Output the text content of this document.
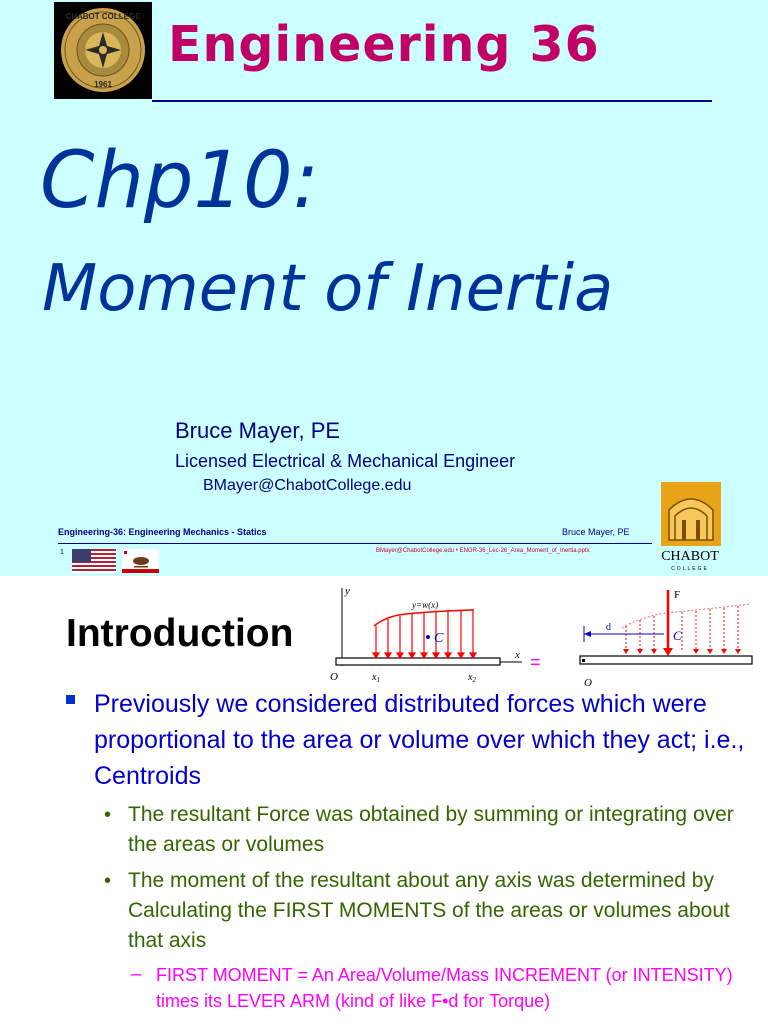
CHABOT COLLEGE
1961
Engineering 36
Chp10:
Moment of Inertia
Bruce Mayer, PE
Licensed Electrical & Mechanical Engineer
BMayer@ChabotCollege.edu
Engineering-36: Engineering Mechanics - Statics	Bruce Mayer, PE
1	BMayer@ChabotCollege.edu • ENGR-36_Lec-26_Area_Moment_of_Inertia.pptx	CHABOT
COLLEGE
Introduction
y
x
O
y=w(x)
C
$x_1$	$x_2$
=
O
F
d
C
Previously we considered distributed forces which were proportional to the area or volume over which they act; i.e., Centroids
• The resultant Force was obtained by summing or integrating over the areas or volumes
• The moment of the resultant about any axis was determined by Calculating the FIRST MOMENTS of the areas or volumes about that axis
– FIRST MOMENT = An Area/Volume/Mass INCREMENT (or INTENSITY) times its LEVER ARM (kind of like F•d for Torque)
